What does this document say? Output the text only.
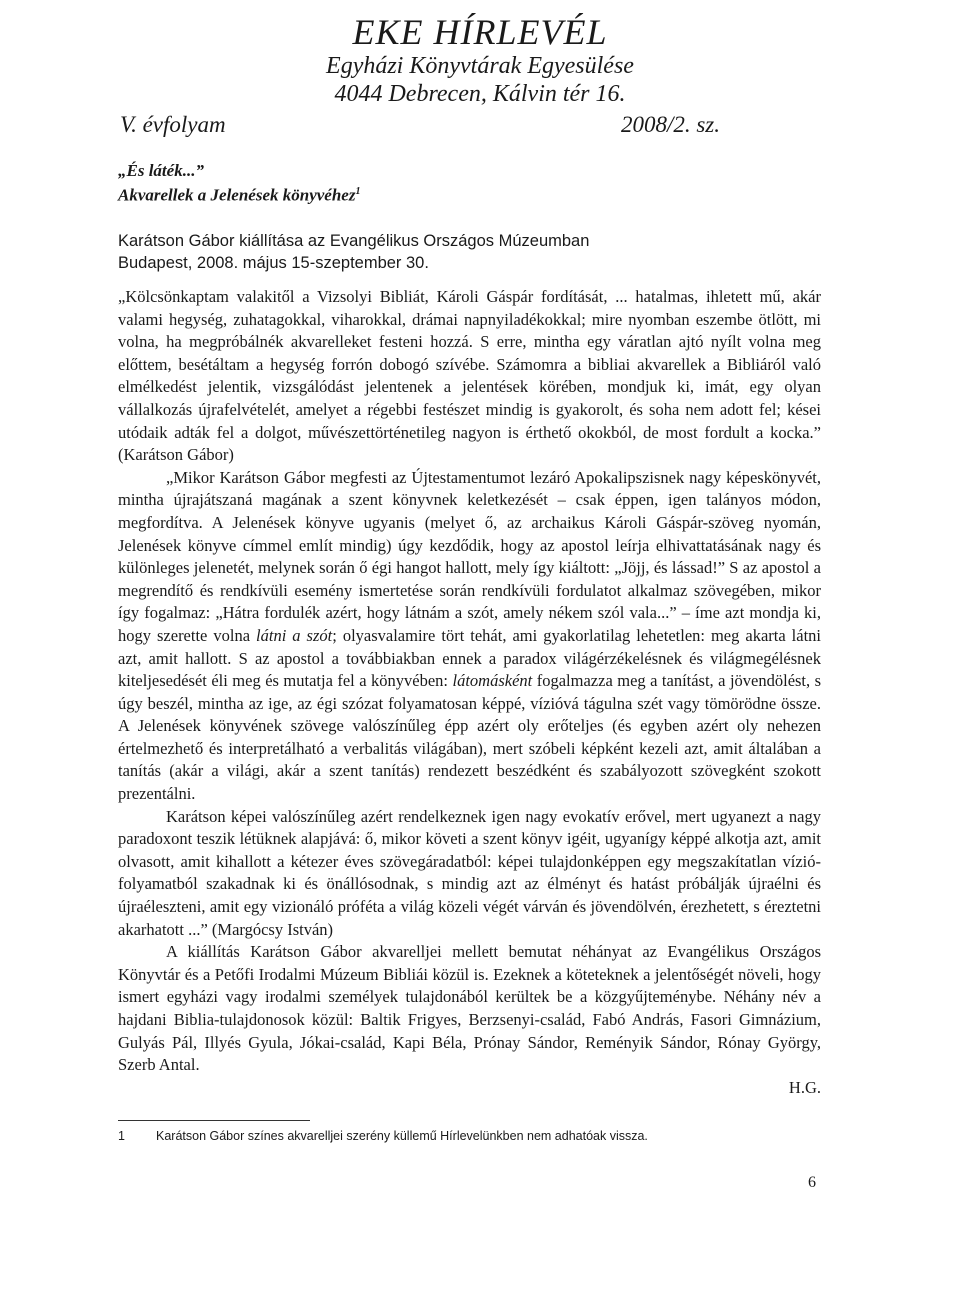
EKE HÍRLEVÉL
Egyházi Könyvtárak Egyesülése
4044 Debrecen, Kálvin tér 16.
V. évfolyam	2008/2. sz.
„És láték...”
Akvarellek a Jelenések könyvéhez$^1$
Karátson Gábor kiállítása az Evangélikus Országos Múzeumban
Budapest, 2008. május 15-szeptember 30.

„Kölcsönkaptam valakitől a Vizsolyi Bibliát, Károli Gáspár fordítását, ... hatalmas, ihletett mű, akár valami hegység, zuhatagokkal, viharokkal, drámai napnyiladékokkal; mire nyomban eszembe ötlött, mi volna, ha megpróbálnék akvarelleket festeni hozzá. S erre, mintha egy váratlan ajtó nyílt volna meg előttem, besétáltam a hegység forrón dobogó szívébe. Számomra a bibliai akvarellek a Bibliáról való elmélkedést jelentik, vizsgálódást jelentenek a jelentések körében, mondjuk ki, imát, egy olyan vállalkozás újrafelvételét, amelyet a régebbi festészet mindig is gyakorolt, és soha nem adott fel; kései utódaik adták fel a dolgot, művészettörténetileg nagyon is érthető okokból, de most fordult a kocka.” (Karátson Gábor)

„Mikor Karátson Gábor megfesti az Újtestamentumot lezáró Apokalipszisnek nagy képeskönyvét, mintha újrajátszaná magának a szent könyvnek keletkezését – csak éppen, igen talányos módon, megfordítva. A Jelenések könyve ugyanis (melyet ő, az archaikus Károli Gáspár-szöveg nyomán, Jelenések könyve címmel említ mindig) úgy kezdődik, hogy az apostol leírja elhivattatásának nagy és különleges jelenetét, melynek során ő égi hangot hallott, mely így kiáltott: „Jöjj, és lássad!” S az apostol a megrendítő és rendkívüli esemény ismertetése során rendkívüli fordulatot alkalmaz szövegében, mikor így fogalmaz: „Hátra fordulék azért, hogy látnám a szót, amely nékem szól vala...” – íme azt mondja ki, hogy szerette volna látni a szót; olyasvalamire tört tehát, ami gyakorlatilag lehetetlen: meg akarta látni azt, amit hallott. S az apostol a továbbiakban ennek a paradox világérzékelésnek és világmegélésnek kiteljesedését éli meg és mutatja fel a könyvében: látomásként fogalmazza meg a tanítást, a jövendölést, s úgy beszél, mintha az ige, az égi szózat folyamatosan képpé, vízióvá tágulna szét vagy tömörödne össze. A Jelenések könyvének szövege valószínűleg épp azért oly erőteljes (és egyben azért oly nehezen értelmezhető és interpretálható a verbalitás világában), mert szóbeli képként kezeli azt, amit általában a tanítás (akár a világi, akár a szent tanítás) rendezett beszédként és szabályozott szövegként szokott prezentálni.

Karátson képei valószínűleg azért rendelkeznek igen nagy evokatív erővel, mert ugyanezt a nagy paradoxont teszik létüknek alapjává: ő, mikor követi a szent könyv igéit, ugyanígy képpé alkotja azt, amit olvasott, amit kihallott a kétezer éves szövegáradatból: képei tulajdonképpen egy megszakítatlan vízió-folyamatból szakadnak ki és önállósodnak, s mindig azt az élményt és hatást próbálják újraélni és újraéleszteni, amit egy vizionáló próféta a világ közeli végét várván és jövendölvén, érezhetett, s éreztetni akarhatott ...” (Margócsy István)

A kiállítás Karátson Gábor akvarelljei mellett bemutat néhányat az Evangélikus Országos Könyvtár és a Petőfi Irodalmi Múzeum Bibliái közül is. Ezeknek a köteteknek a jelentőségét növeli, hogy ismert egyházi vagy irodalmi személyek tulajdonából kerültek be a közgyűjteménybe. Néhány név a hajdani Biblia-tulajdonosok közül: Baltik Frigyes, Berzsenyi-család, Fabó András, Fasori Gimnázium, Gulyás Pál, Illyés Gyula, Jókai-család, Kapi Béla, Prónay Sándor, Reményik Sándor, Rónay György, Szerb Antal.

H.G.

1 Karátson Gábor színes akvarelljei szerény küllemű Hírlevelünkben nem adhatóak vissza.
6
